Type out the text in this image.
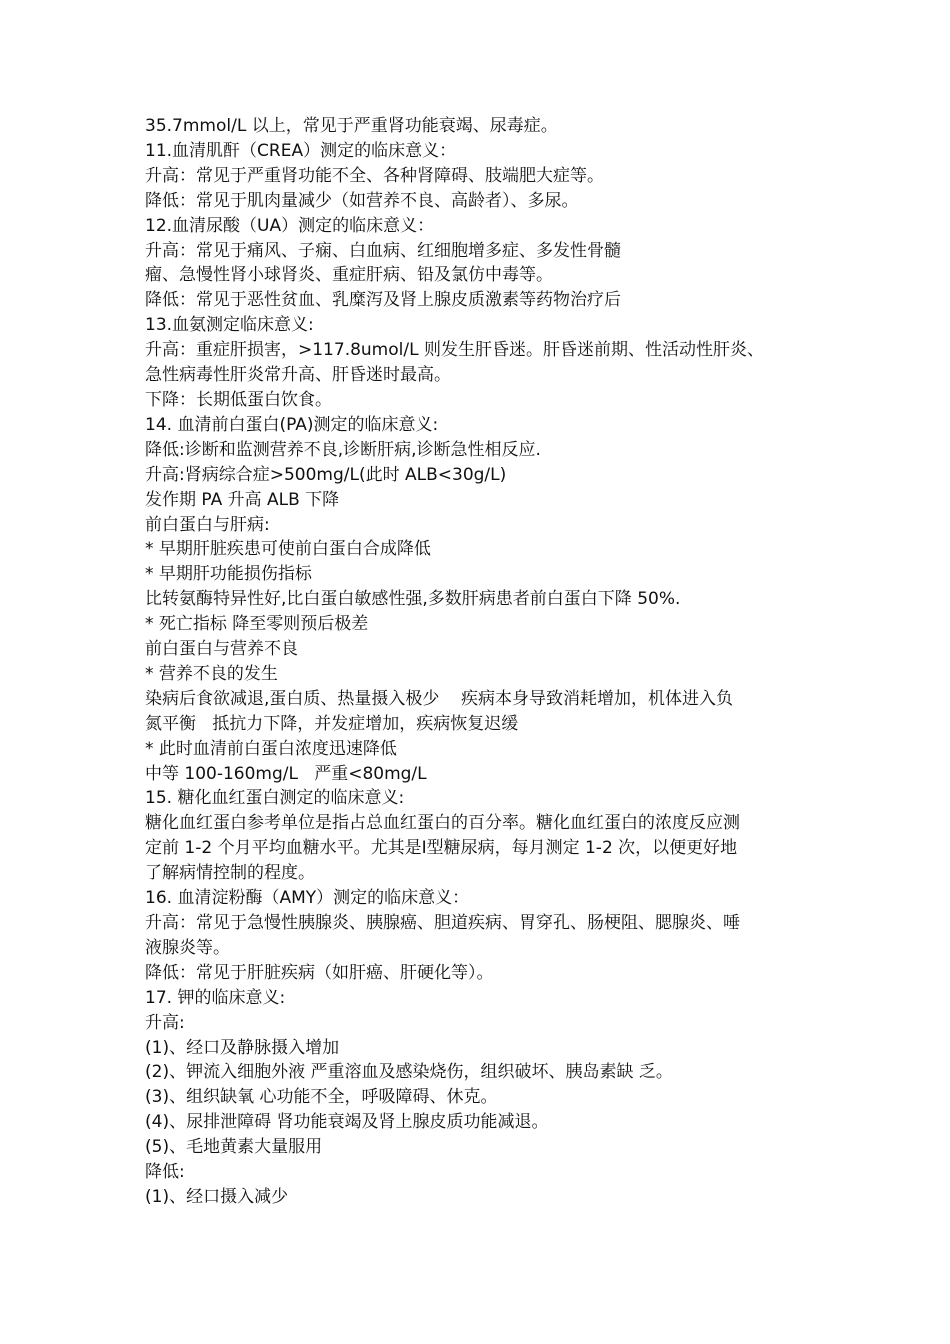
35.7mmol/L 以上，常见于严重肾功能衰竭、尿毒症。
11.血清肌酐（CREA）测定的临床意义：
升高：常见于严重肾功能不全、各种肾障碍、肢端肥大症等。
降低：常见于肌肉量减少（如营养不良、高龄者）、多尿。
12.血清尿酸（UA）测定的临床意义：
升高：常见于痛风、子痫、白血病、红细胞增多症、多发性骨髓
瘤、急慢性肾小球肾炎、重症肝病、铅及氯仿中毒等。
降低：常见于恶性贫血、乳糜泻及肾上腺皮质激素等药物治疗后
13.血氨测定临床意义:
升高：重症肝损害，>117.8umol/L 则发生肝昏迷。肝昏迷前期、性活动性肝炎、
急性病毒性肝炎常升高、肝昏迷时最高。
下降：长期低蛋白饮食。
14. 血清前白蛋白(PA)测定的临床意义:
降低:诊断和监测营养不良,诊断肝病,诊断急性相反应.
升高:肾病综合症>500mg/L(此时 ALB<30g/L)
发作期 PA 升高 ALB 下降
前白蛋白与肝病:
* 早期肝脏疾患可使前白蛋白合成降低
* 早期肝功能损伤指标
比转氨酶特异性好,比白蛋白敏感性强,多数肝病患者前白蛋白下降 50%.
* 死亡指标 降至零则预后极差
前白蛋白与营养不良
* 营养不良的发生
染病后食欲减退,蛋白质、热量摄入极少    疾病本身导致消耗增加，机体进入负
氮平衡   抵抗力下降，并发症增加，疾病恢复迟缓
* 此时血清前白蛋白浓度迅速降低
中等 100-160mg/L   严重<80mg/L
15. 糖化血红蛋白测定的临床意义:
糖化血红蛋白参考单位是指占总血红蛋白的百分率。糖化血红蛋白的浓度反应测
定前 1-2 个月平均血糖水平。尤其是Ⅰ型糖尿病，每月测定 1-2 次，以便更好地
了解病情控制的程度。
16. 血清淀粉酶（AMY）测定的临床意义：
升高：常见于急慢性胰腺炎、胰腺癌、胆道疾病、胃穿孔、肠梗阻、腮腺炎、唾
液腺炎等。
降低：常见于肝脏疾病（如肝癌、肝硬化等）。
17. 钾的临床意义:
升高:
(1)、经口及静脉摄入增加
(2)、钾流入细胞外液 严重溶血及感染烧伤，组织破坏、胰岛素缺 乏。
(3)、组织缺氧 心功能不全，呼吸障碍、休克。
(4)、尿排泄障碍 肾功能衰竭及肾上腺皮质功能减退。
(5)、毛地黄素大量服用
降低:
(1)、经口摄入减少
